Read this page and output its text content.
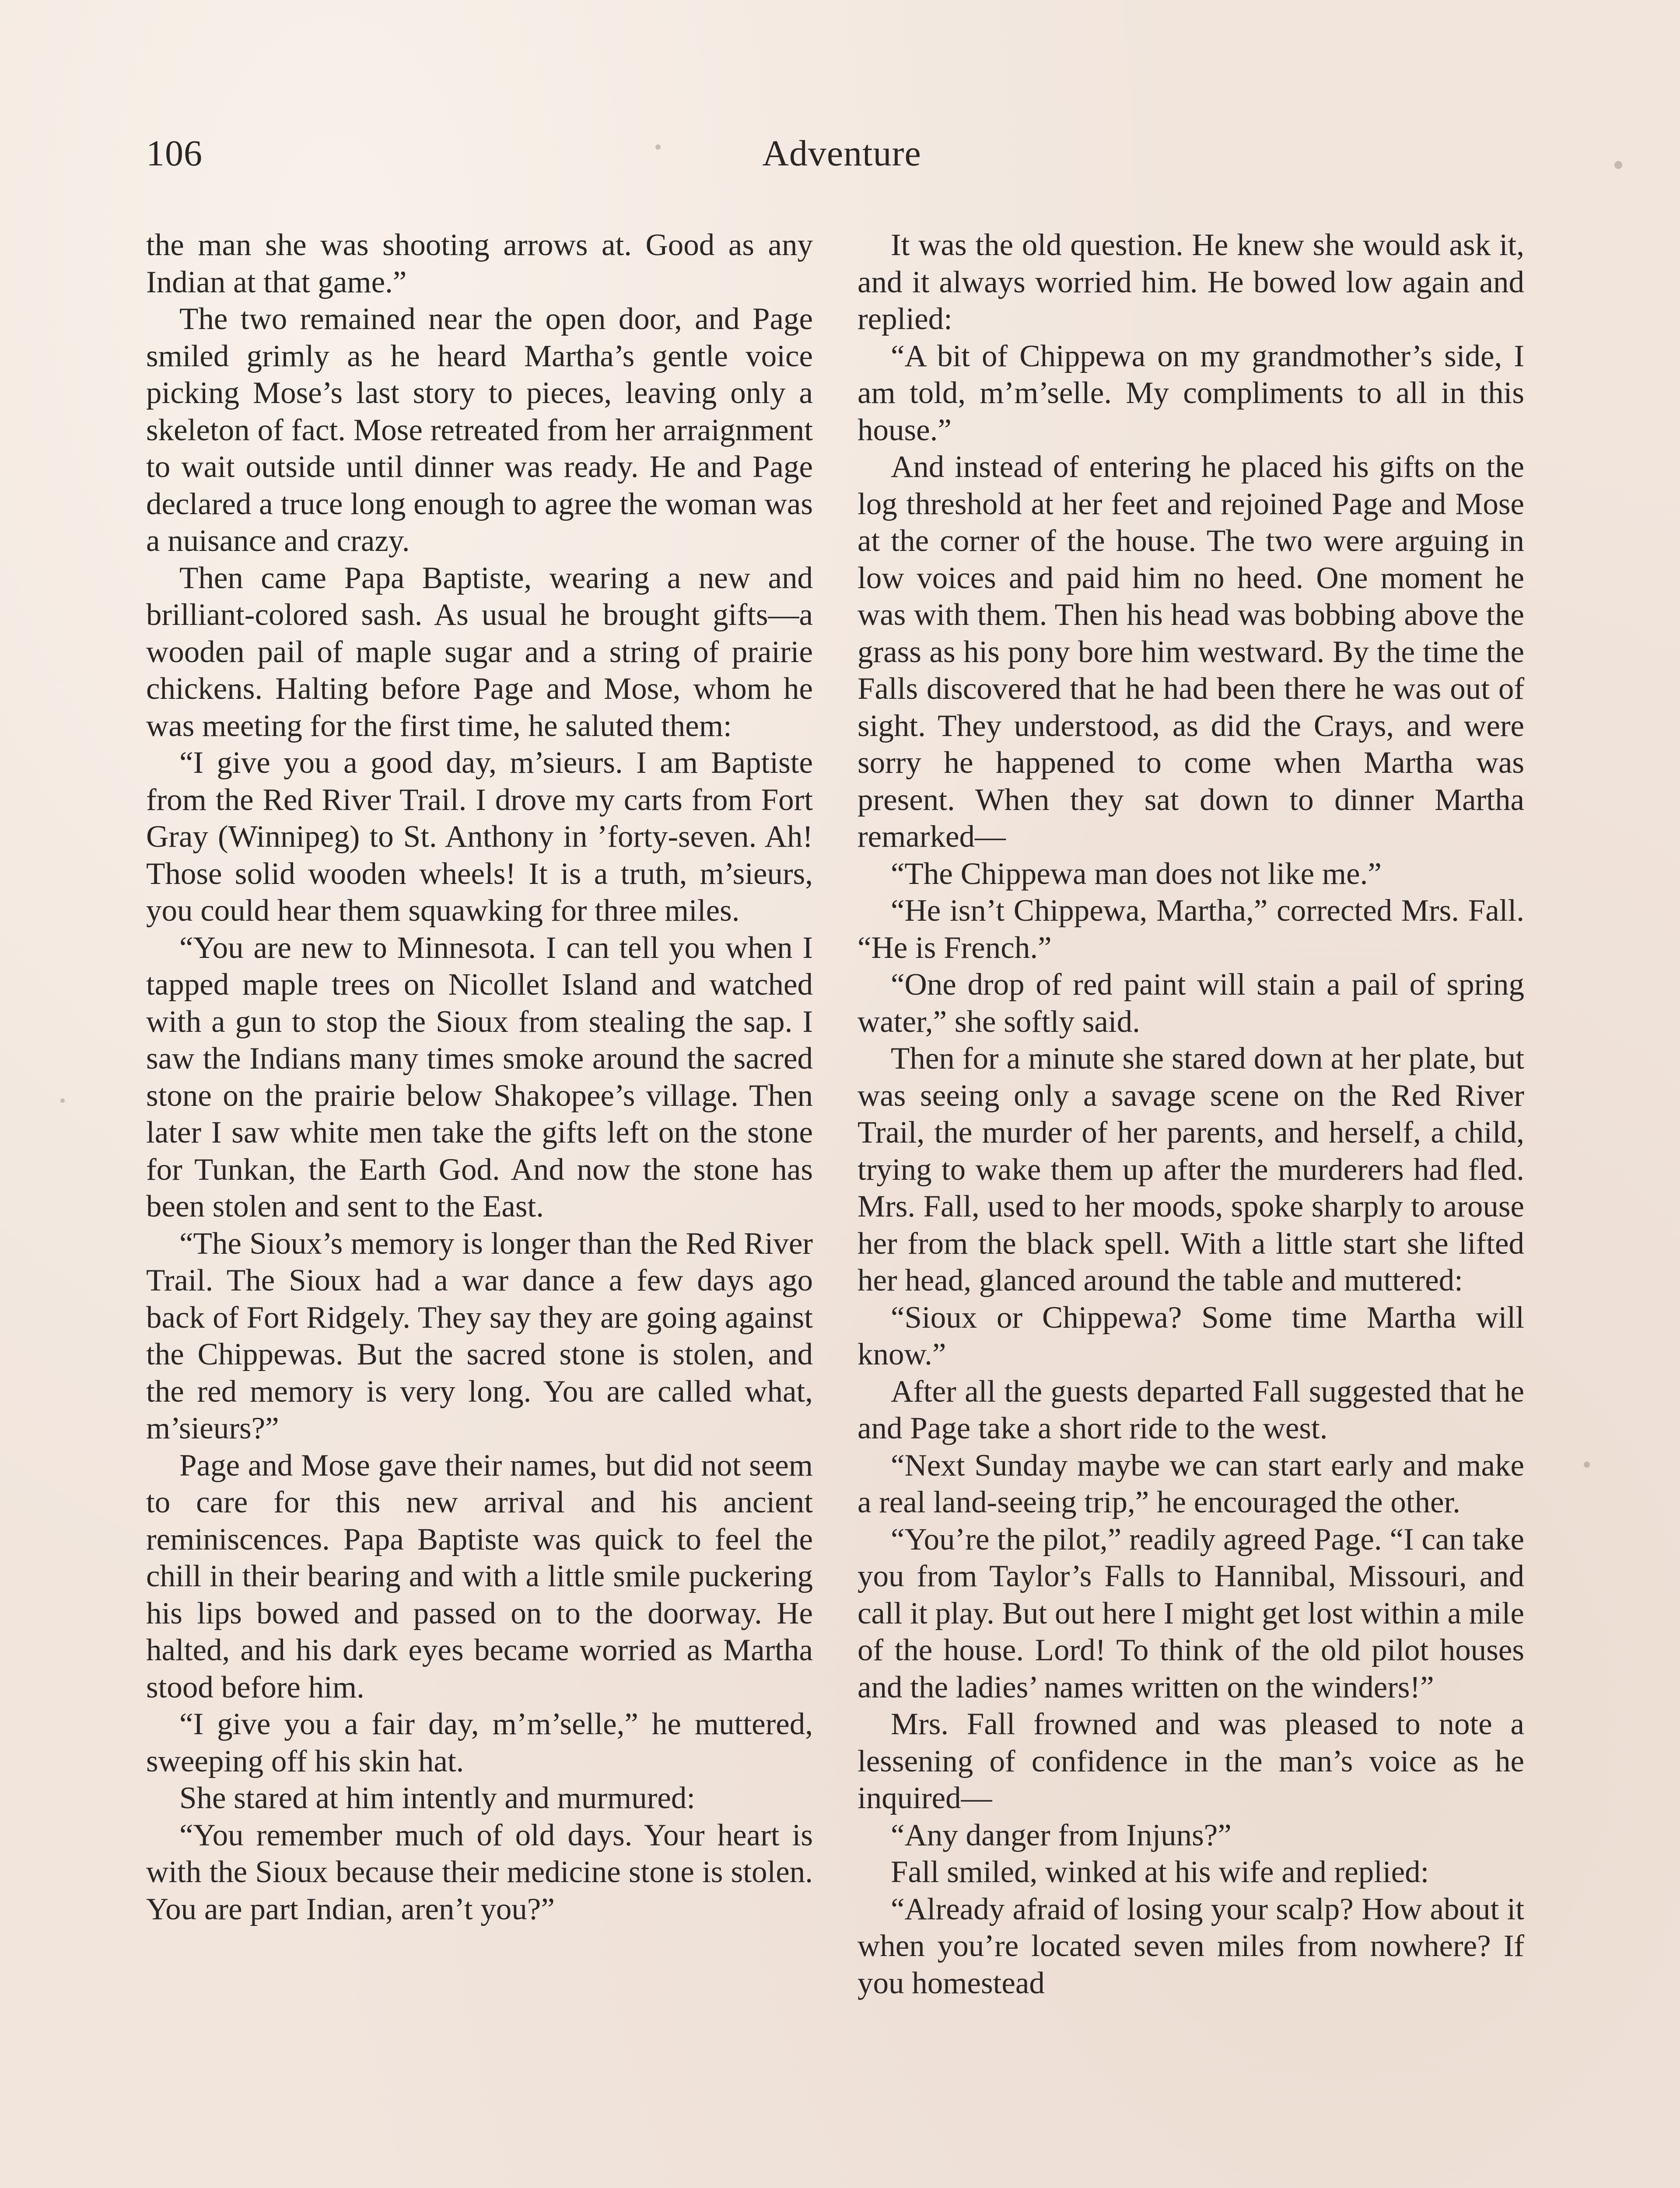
106	Adventure

the man she was shooting arrows at. Good as any Indian at that game.”

The two remained near the open door, and Page smiled grimly as he heard Martha’s gentle voice picking Mose’s last story to pieces, leaving only a skeleton of fact. Mose retreated from her arraignment to wait outside until dinner was ready. He and Page declared a truce long enough to agree the woman was a nuisance and crazy.

Then came Papa Baptiste, wearing a new and brilliant-colored sash. As usual he brought gifts—a wooden pail of maple sugar and a string of prairie chickens. Halting before Page and Mose, whom he was meeting for the first time, he saluted them:

“I give you a good day, m’sieurs. I am Baptiste from the Red River Trail. I drove my carts from Fort Gray (Winnipeg) to St. Anthony in ’forty-seven. Ah! Those solid wooden wheels! It is a truth, m’sieurs, you could hear them squawking for three miles.

“You are new to Minnesota. I can tell you when I tapped maple trees on Nicollet Island and watched with a gun to stop the Sioux from stealing the sap. I saw the Indians many times smoke around the sacred stone on the prairie below Shakopee’s village. Then later I saw white men take the gifts left on the stone for Tunkan, the Earth God. And now the stone has been stolen and sent to the East.

“The Sioux’s memory is longer than the Red River Trail. The Sioux had a war dance a few days ago back of Fort Ridgely. They say they are going against the Chippewas. But the sacred stone is stolen, and the red memory is very long. You are called what, m’sieurs?”

Page and Mose gave their names, but did not seem to care for this new arrival and his ancient reminiscences. Papa Baptiste was quick to feel the chill in their bearing and with a little smile puckering his lips bowed and passed on to the doorway. He halted, and his dark eyes became worried as Martha stood before him.

“I give you a fair day, m’m’selle,” he muttered, sweeping off his skin hat.

She stared at him intently and murmured:

“You remember much of old days. Your heart is with the Sioux because their medicine stone is stolen. You are part Indian, aren’t you?”

It was the old question. He knew she would ask it, and it always worried him. He bowed low again and replied:

“A bit of Chippewa on my grandmother’s side, I am told, m’m’selle. My compliments to all in this house.”

And instead of entering he placed his gifts on the log threshold at her feet and rejoined Page and Mose at the corner of the house. The two were arguing in low voices and paid him no heed. One moment he was with them. Then his head was bobbing above the grass as his pony bore him westward. By the time the Falls discovered that he had been there he was out of sight. They understood, as did the Crays, and were sorry he happened to come when Martha was present. When they sat down to dinner Martha remarked—

“The Chippewa man does not like me.”

“He isn’t Chippewa, Martha,” corrected Mrs. Fall. “He is French.”

“One drop of red paint will stain a pail of spring water,” she softly said.

Then for a minute she stared down at her plate, but was seeing only a savage scene on the Red River Trail, the murder of her parents, and herself, a child, trying to wake them up after the murderers had fled. Mrs. Fall, used to her moods, spoke sharply to arouse her from the black spell. With a little start she lifted her head, glanced around the table and muttered:

“Sioux or Chippewa? Some time Martha will know.”

After all the guests departed Fall suggested that he and Page take a short ride to the west.

“Next Sunday maybe we can start early and make a real land-seeing trip,” he encouraged the other.

“You’re the pilot,” readily agreed Page. “I can take you from Taylor’s Falls to Hannibal, Missouri, and call it play. But out here I might get lost within a mile of the house. Lord! To think of the old pilot houses and the ladies’ names written on the winders!”

Mrs. Fall frowned and was pleased to note a lessening of confidence in the man’s voice as he inquired—

“Any danger from Injuns?”

Fall smiled, winked at his wife and replied:

“Already afraid of losing your scalp? How about it when you’re located seven miles from nowhere? If you homestead
